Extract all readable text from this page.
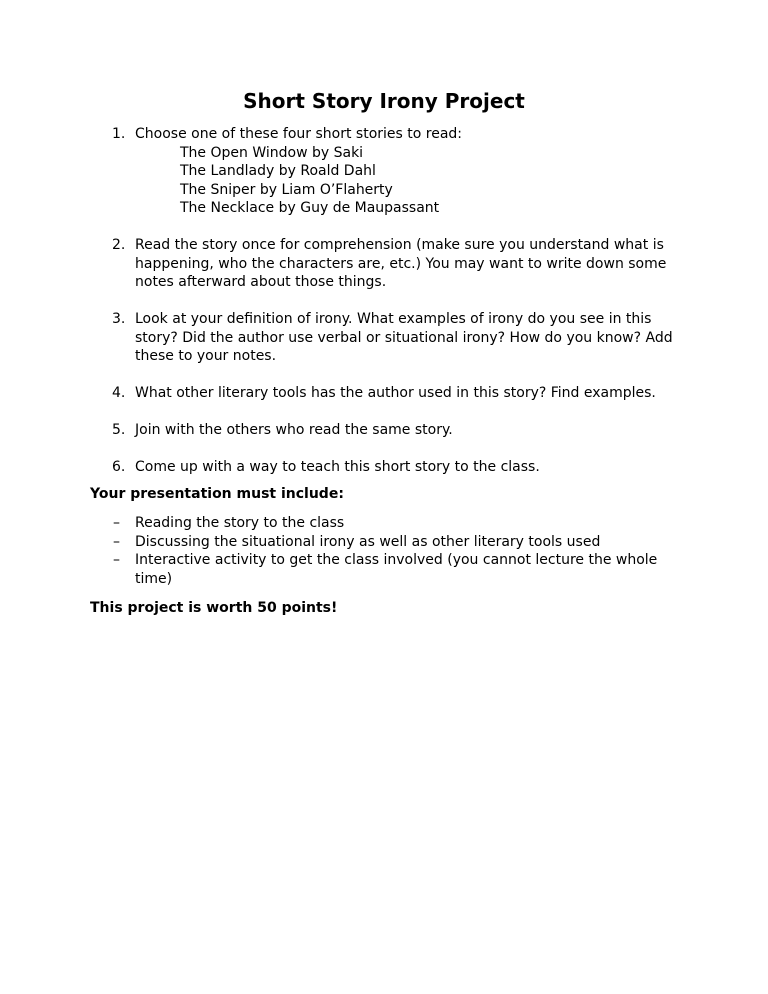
Short Story Irony Project
1. Choose one of these four short stories to read:
The Open Window by Saki
The Landlady by Roald Dahl
The Sniper by Liam O’Flaherty
The Necklace by Guy de Maupassant
2. Read the story once for comprehension (make sure you understand what is happening, who the characters are, etc.) You may want to write down some notes afterward about those things.
3. Look at your definition of irony. What examples of irony do you see in this story? Did the author use verbal or situational irony? How do you know? Add these to your notes.
4. What other literary tools has the author used in this story? Find examples.
5. Join with the others who read the same story.
6. Come up with a way to teach this short story to the class.
Your presentation must include:
– Reading the story to the class
– Discussing the situational irony as well as other literary tools used
– Interactive activity to get the class involved (you cannot lecture the whole time)
This project is worth 50 points!
